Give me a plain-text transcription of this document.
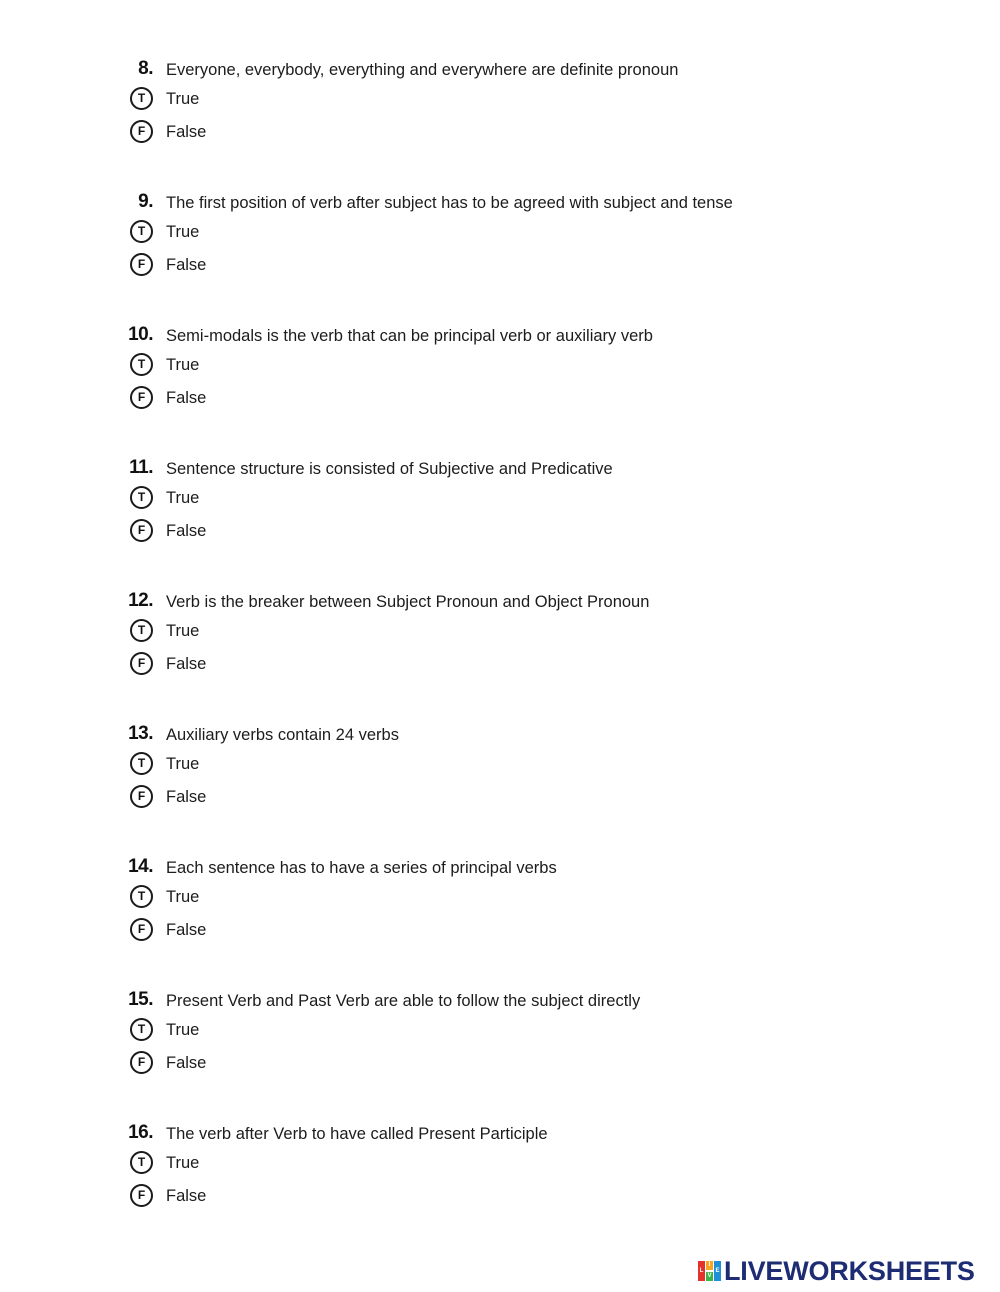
8. Everyone, everybody, everything and everywhere are definite pronoun
T	True
F	False
9. The first position of verb after subject has to be agreed with subject and tense
T	True
F	False
10. Semi-modals is the verb that can be principal verb or auxiliary verb
T	True
F	False
11. Sentence structure is consisted of Subjective and Predicative
T	True
F	False
12. Verb is the breaker between Subject Pronoun and Object Pronoun
T	True
F	False
13. Auxiliary verbs contain 24 verbs
T	True
F	False
14. Each sentence has to have a series of principal verbs
T	True
F	False
15. Present Verb and Past Verb are able to follow the subject directly
T	True
F	False
16. The verb after Verb to have called Present Participle
T	True
F	False
L
I
V
E LIVEWORKSHEETS
